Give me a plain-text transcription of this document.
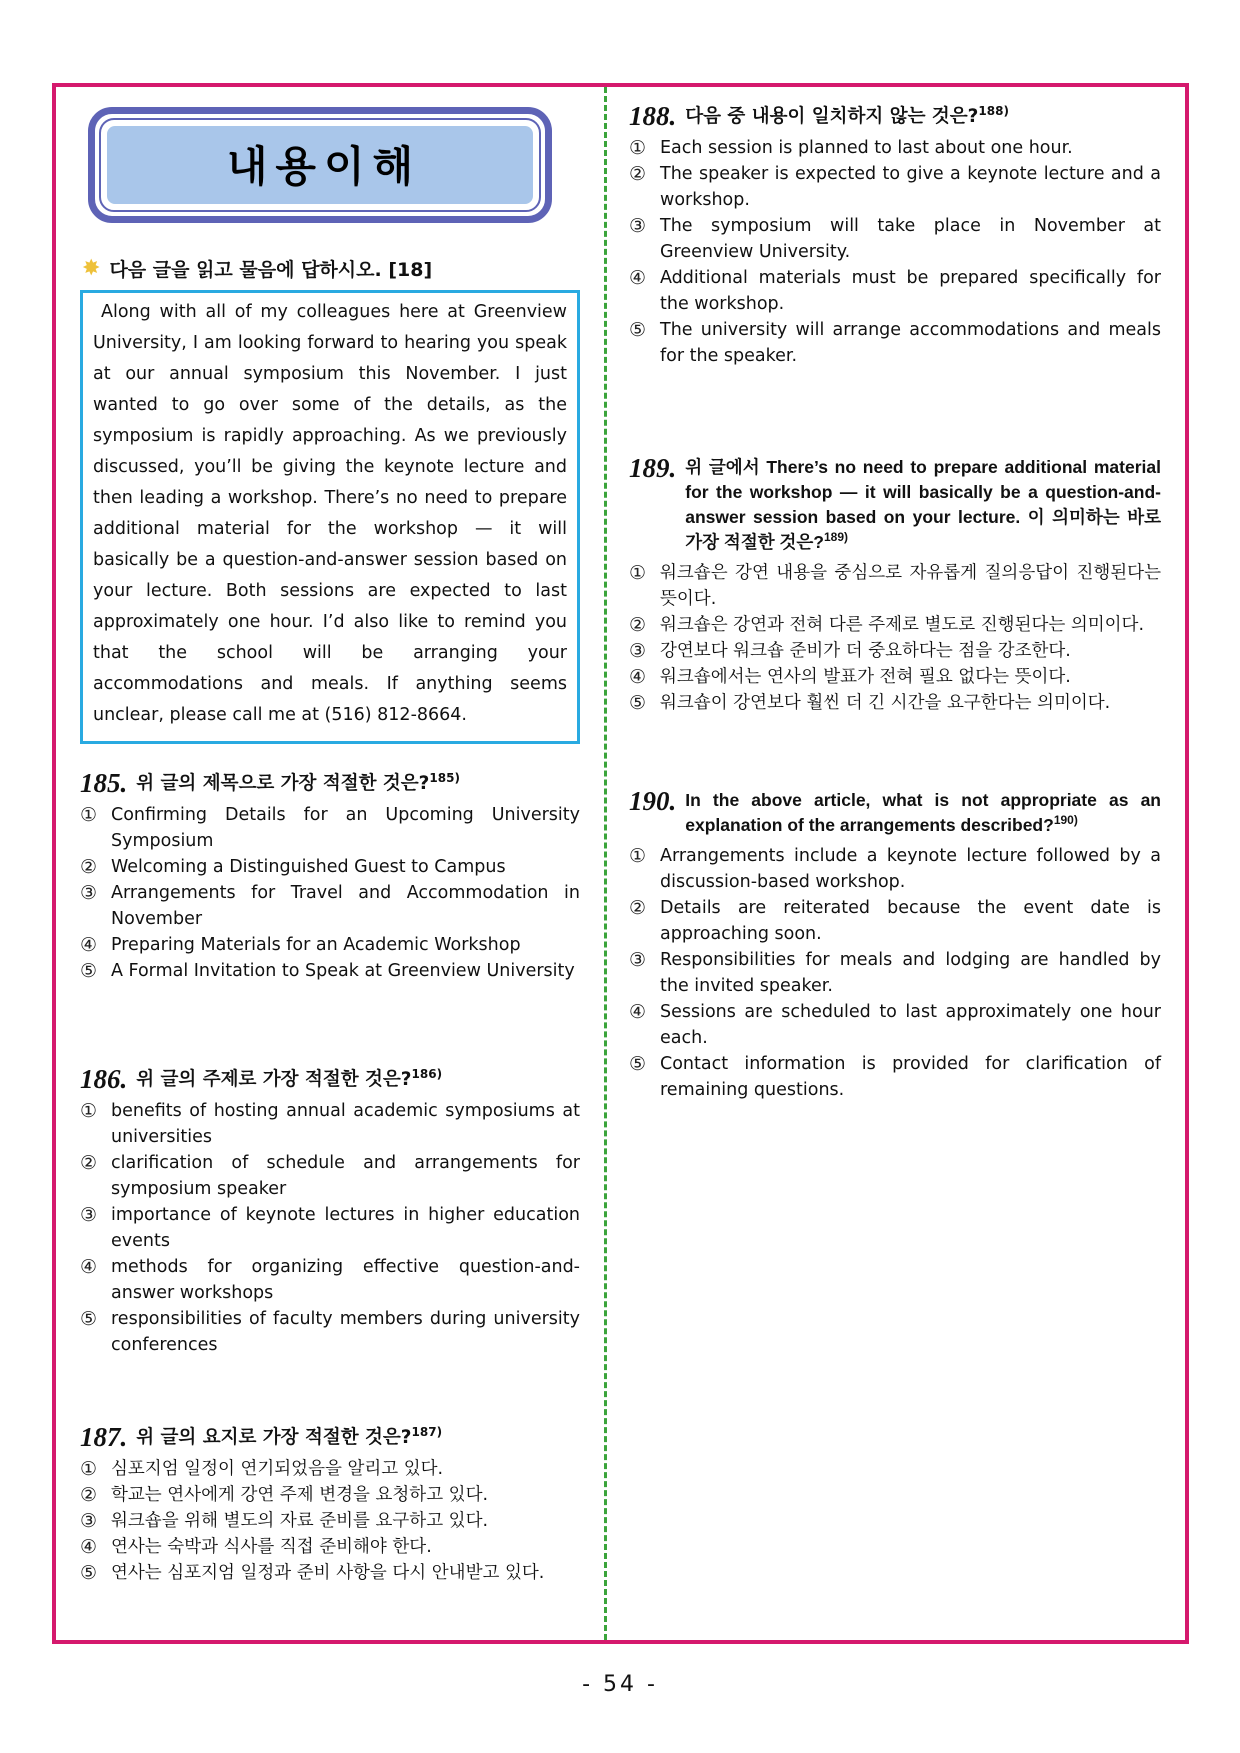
내용이해
✸ 다음 글을 읽고 물음에 답하시오. [18]

Along with all of my colleagues here at Greenview University, I am looking forward to hearing you speak at our annual symposium this November. I just wanted to go over some of the details, as the symposium is rapidly approaching. As we previously discussed, you’ll be giving the keynote lecture and then leading a workshop. There’s no need to prepare additional material for the workshop — it will basically be a question-and-answer session based on your lecture. Both sessions are expected to last approximately one hour. I’d also like to remind you that the school will be arranging your accommodations and meals. If anything seems unclear, please call me at (516) 812-8664.

185. 위 글의 제목으로 가장 적절한 것은?$^{185)}$
① Confirming Details for an Upcoming University Symposium
② Welcoming a Distinguished Guest to Campus
③ Arrangements for Travel and Accommodation in November
④ Preparing Materials for an Academic Workshop
⑤ A Formal Invitation to Speak at Greenview University
186. 위 글의 주제로 가장 적절한 것은?$^{186)}$
① benefits of hosting annual academic symposiums at universities
② clarification of schedule and arrangements for symposium speaker
③ importance of keynote lectures in higher education events
④ methods for organizing effective question-and-answer workshops
⑤ responsibilities of faculty members during university conferences
187. 위 글의 요지로 가장 적절한 것은?$^{187)}$
① 심포지엄 일정이 연기되었음을 알리고 있다.
② 학교는 연사에게 강연 주제 변경을 요청하고 있다.
③ 워크숍을 위해 별도의 자료 준비를 요구하고 있다.
④ 연사는 숙박과 식사를 직접 준비해야 한다.
⑤ 연사는 심포지엄 일정과 준비 사항을 다시 안내받고 있다.
188. 다음 중 내용이 일치하지 않는 것은?$^{188)}$
① Each session is planned to last about one hour.
② The speaker is expected to give a keynote lecture and a workshop.
③ The symposium will take place in November at Greenview University.
④ Additional materials must be prepared specifically for the workshop.
⑤ The university will arrange accommodations and meals for the speaker.
189. 위 글에서 There’s no need to prepare additional material for the workshop — it will basically be a question-and-answer session based on your lecture. 이 의미하는 바로 가장 적절한 것은?$^{189)}$
① 워크숍은 강연 내용을 중심으로 자유롭게 질의응답이 진행된다는 뜻이다.
② 워크숍은 강연과 전혀 다른 주제로 별도로 진행된다는 의미이다.
③ 강연보다 워크숍 준비가 더 중요하다는 점을 강조한다.
④ 워크숍에서는 연사의 발표가 전혀 필요 없다는 뜻이다.
⑤ 워크숍이 강연보다 훨씬 더 긴 시간을 요구한다는 의미이다.
190. In the above article, what is not appropriate as an explanation of the arrangements described?$^{190)}$
① Arrangements include a keynote lecture followed by a discussion-based workshop.
② Details are reiterated because the event date is approaching soon.
③ Responsibilities for meals and lodging are handled by the invited speaker.
④ Sessions are scheduled to last approximately one hour each.
⑤ Contact information is provided for clarification of remaining questions.
- 54 -
